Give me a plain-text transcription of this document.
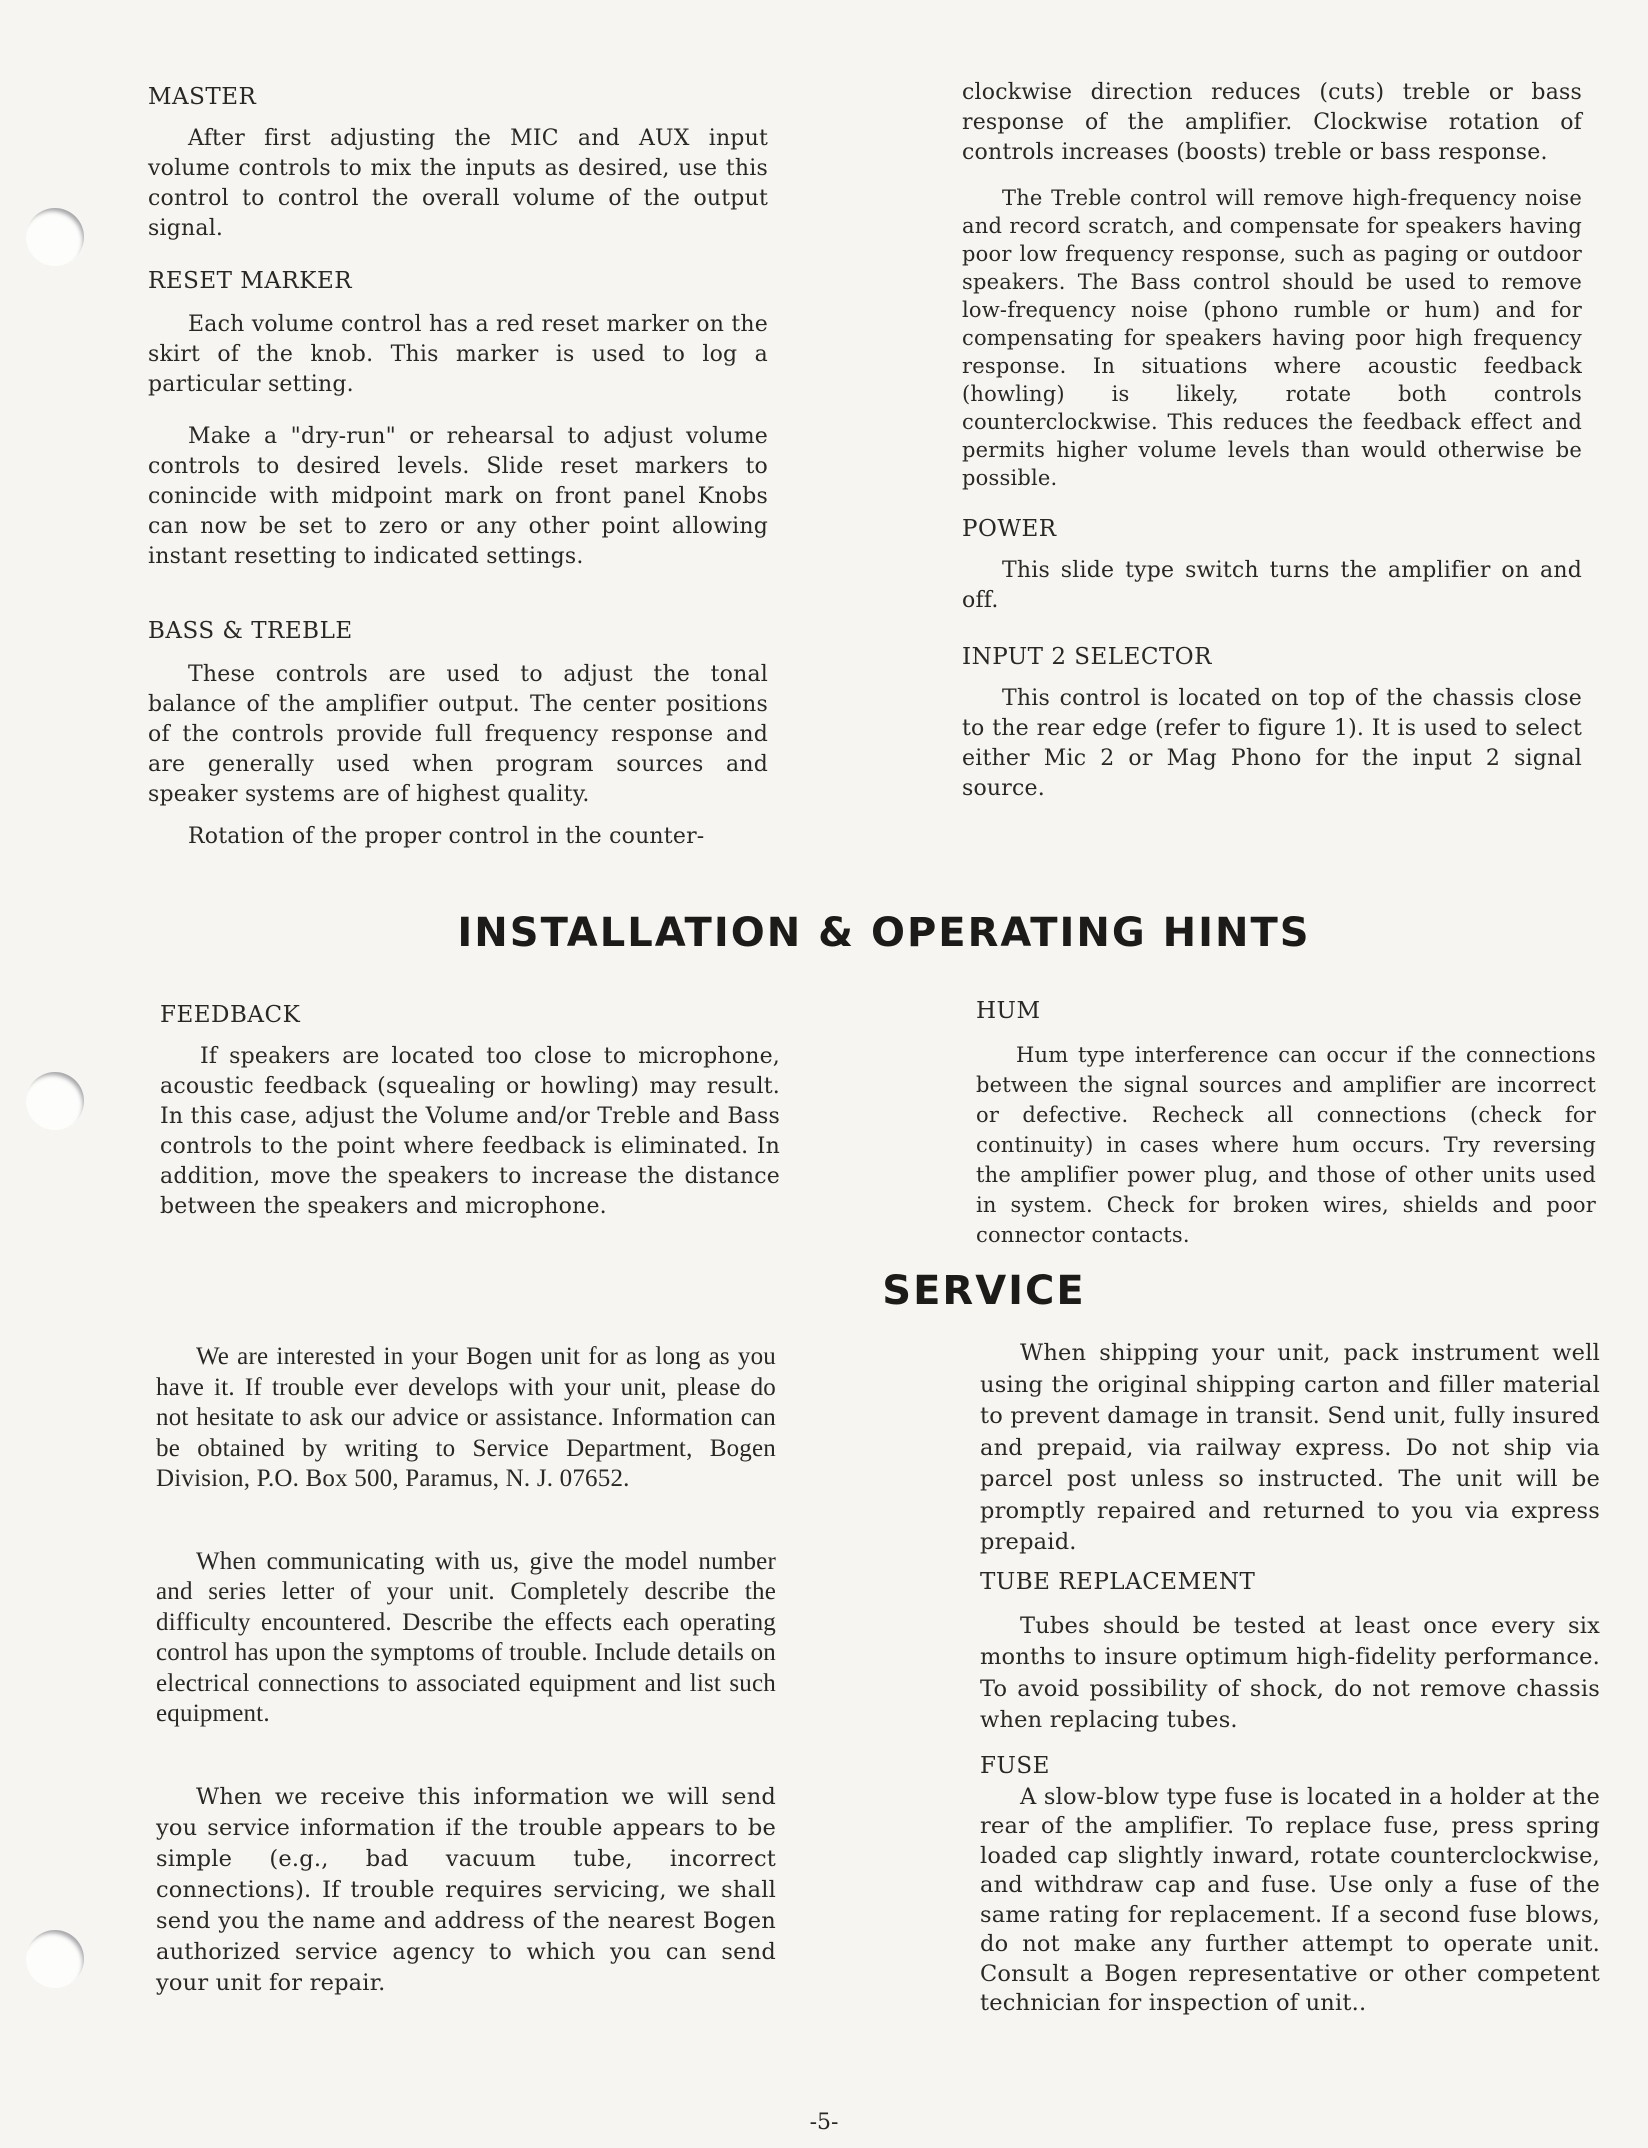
MASTER

After first adjusting the MIC and AUX input volume controls to mix the inputs as desired, use this control to control the overall volume of the output signal.

RESET MARKER

Each volume control has a red reset marker on the skirt of the knob. This marker is used to log a particular setting.

Make a "dry-run" or rehearsal to adjust volume controls to desired levels. Slide reset markers to conincide with midpoint mark on front panel Knobs can now be set to zero or any other point allowing instant resetting to indicated settings.

BASS & TREBLE

These controls are used to adjust the tonal balance of the amplifier output. The center positions of the controls provide full frequency response and are generally used when program sources and speaker systems are of highest quality.

Rotation of the proper control in the counter-

clockwise direction reduces (cuts) treble or bass response of the amplifier. Clockwise rotation of controls increases (boosts) treble or bass response.

The Treble control will remove high-frequency noise and record scratch, and compensate for speakers having poor low frequency response, such as paging or outdoor speakers. The Bass control should be used to remove low-frequency noise (phono rumble or hum) and for compensating for speakers having poor high frequency response. In situations where acoustic feedback (howling) is likely, rotate both controls counterclockwise. This reduces the feedback effect and permits higher volume levels than would otherwise be possible.

POWER

This slide type switch turns the amplifier on and off.

INPUT 2 SELECTOR

This control is located on top of the chassis close to the rear edge (refer to figure 1). It is used to select either Mic 2 or Mag Phono for the input 2 signal source.

INSTALLATION & OPERATING HINTS
FEEDBACK

If speakers are located too close to microphone, acoustic feedback (squealing or howling) may result. In this case, adjust the Volume and/or Treble and Bass controls to the point where feedback is eliminated. In addition, move the speakers to increase the distance between the speakers and microphone.

HUM

Hum type interference can occur if the connections between the signal sources and amplifier are incorrect or defective. Recheck all connections (check for continuity) in cases where hum occurs. Try reversing the amplifier power plug, and those of other units used in system. Check for broken wires, shields and poor connector contacts.

SERVICE

We are interested in your Bogen unit for as long as you have it. If trouble ever develops with your unit, please do not hesitate to ask our advice or assistance. Information can be obtained by writing to Service Department, Bogen Division, P.O. Box 500, Paramus, N. J. 07652.

When communicating with us, give the model number and series letter of your unit. Completely describe the difficulty encountered. Describe the effects each operating control has upon the symptoms of trouble. Include details on electrical connections to associated equipment and list such equipment.

When we receive this information we will send you service information if the trouble appears to be simple (e.g., bad vacuum tube, incorrect connections). If trouble requires servicing, we shall send you the name and address of the nearest Bogen authorized service agency to which you can send your unit for repair.

When shipping your unit, pack instrument well using the original shipping carton and filler material to prevent damage in transit. Send unit, fully insured and prepaid, via railway express. Do not ship via parcel post unless so instructed. The unit will be promptly repaired and returned to you via express prepaid.

TUBE REPLACEMENT

Tubes should be tested at least once every six months to insure optimum high-fidelity performance. To avoid possibility of shock, do not remove chassis when replacing tubes.

FUSE

A slow-blow type fuse is located in a holder at the rear of the amplifier. To replace fuse, press spring loaded cap slightly inward, rotate counterclockwise, and withdraw cap and fuse. Use only a fuse of the same rating for replacement. If a second fuse blows, do not make any further attempt to operate unit. Consult a Bogen representative or other competent technician for inspection of unit..

-5-
